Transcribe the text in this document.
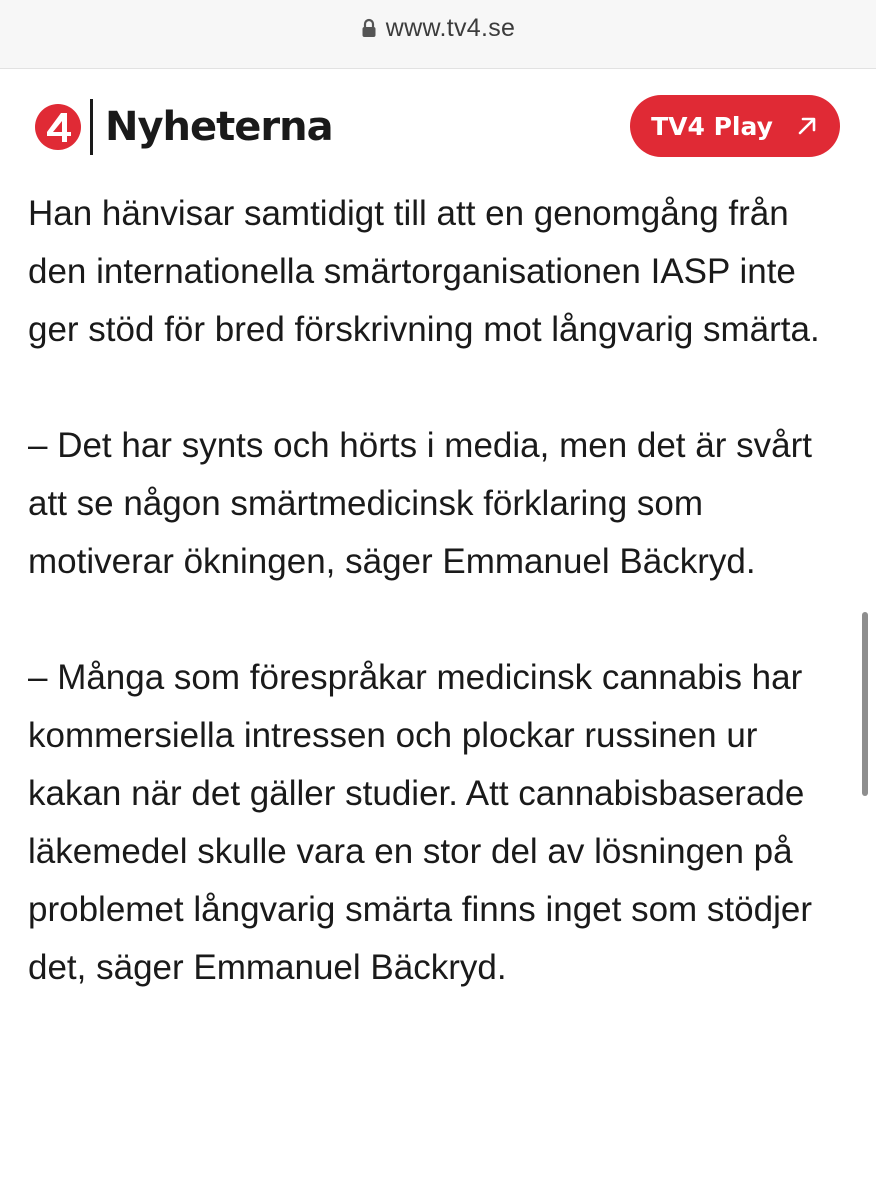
www.tv4.se
Nyheterna	TV4 Play

Han hänvisar samtidigt till att en genomgång från den internationella smärtorganisationen IASP inte ger stöd för bred förskrivning mot långvarig smärta.

– Det har synts och hörts i media, men det är svårt att se någon smärtmedicinsk förklaring som motiverar ökningen, säger Emmanuel Bäckryd.

– Många som förespråkar medicinsk cannabis har kommersiella intressen och plockar russinen ur kakan när det gäller studier. Att cannabisbaserade läkemedel skulle vara en stor del av lösningen på problemet långvarig smärta finns inget som stödjer det, säger Emmanuel Bäckryd.
